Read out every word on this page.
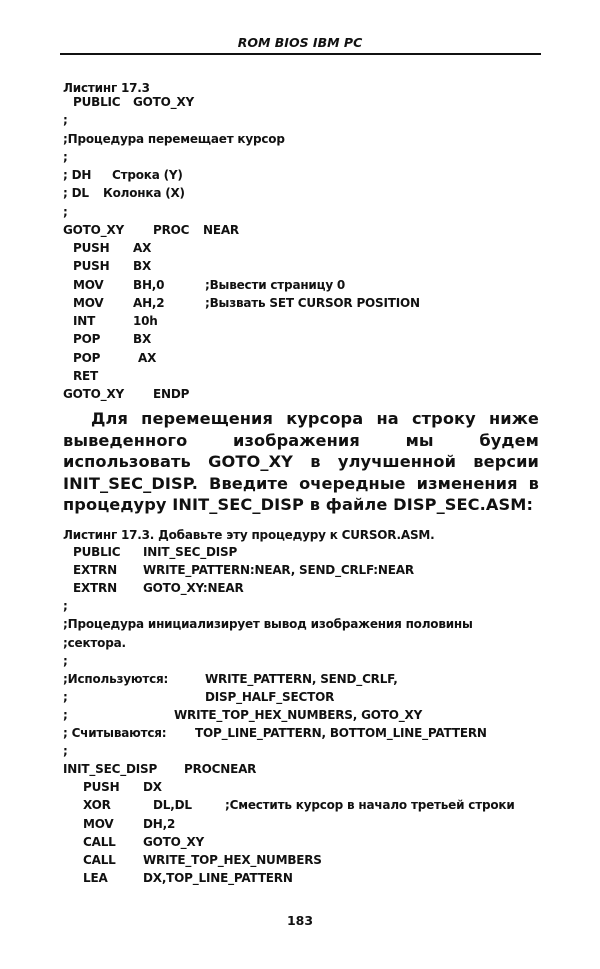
ROM BIOS IBM PC
Листинг 17.3
PUBLIC GOTO_XY
;
;Процедура перемещает курсор
;
; DH Строка (Y)
; DL Колонка (X)
;
GOTO_XY PROC NEAR
PUSH AX
PUSH BX
MOV BH,0	;Вывести страницу 0
MOV AH,2	;Вызвать SET CURSOR POSITION
INT	10h
POP	BX
POP	AX
RET
GOTO_XY ENDP
Для перемещения курсора на строку ниже выведенного изображения мы будем использовать GOTO_XY в улучшенной версии INIT_SEC_DISP. Введите очередные изменения в процедуру INIT_SEC_DISP в файле DISP_SEC.ASM:
Листинг 17.3. Добавьте эту процедуру к CURSOR.ASM.
PUBLIC INIT_SEC_DISP
EXTRN WRITE_PATTERN:NEAR, SEND_CRLF:NEAR
EXTRN GOTO_XY:NEAR
;
;Процедура инициализирует вывод изображения половины
;сектора.
;
;Используются:	WRITE_PATTERN, SEND_CRLF,
;	DISP_HALF_SECTOR
;	WRITE_TOP_HEX_NUMBERS, GOTO_XY
; Считываются: TOP_LINE_PATTERN, BOTTOM_LINE_PATTERN
;
INIT_SEC_DISP PROCNEAR
PUSH DX
XOR	DL,DL	;Сместить курсор в начало третьей строки
MOV DH,2
CALL GOTO_XY
CALL WRITE_TOP_HEX_NUMBERS
LEA	DX,TOP_LINE_PATTERN
183
